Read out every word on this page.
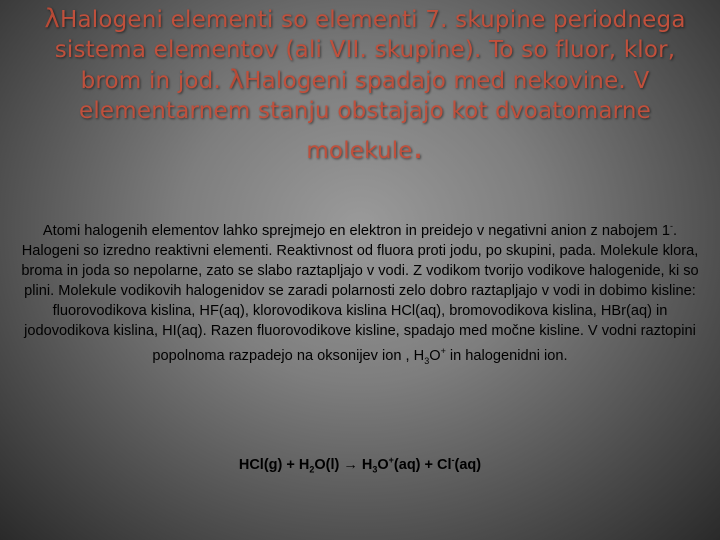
λHalogeni elementi so elementi 7. skupine periodnega
sistema elementov (ali VII. skupine). To so fluor, klor,
brom in jod. λHalogeni spadajo med nekovine. V
elementarnem stanju obstajajo kot dvoatomarne
molekule.

Atomi halogenih elementov lahko sprejmejo en elektron in preidejo v negativni anion z nabojem 1-.

Halogeni so izredno reaktivni elementi. Reaktivnost od fluora proti jodu, po skupini, pada. Molekule klora, broma in joda so nepolarne, zato se slabo raztapljajo v vodi. Z vodikom tvorijo vodikove halogenide, ki so plini. Molekule vodikovih halogenidov se zaradi polarnosti zelo dobro raztapljajo v vodi in dobimo kisline: fluorovodikova kislina, HF(aq), klorovodikova kislina HCl(aq), bromovodikova kislina, HBr(aq) in jodovodikova kislina, HI(aq). Razen fluorovodikove kisline, spadajo med močne kisline. V vodni raztopini popolnoma razpadejo na oksonijev ion , $H_3O^+$ in halogenidni ion.

$HCl(g) + H_2O(l) \to H_3O^+(aq) + Cl^-(aq)$
